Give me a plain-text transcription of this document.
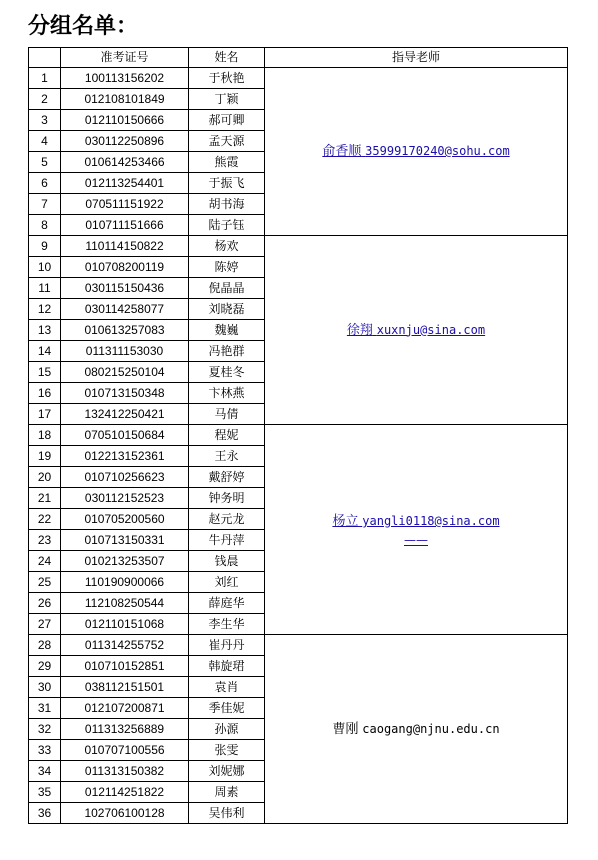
分组名单：
	准考证号	姓名	指导老师
1	100113156202	于秋艳	俞香顺 35999170240@sohu.com
2	012108101849	丁颖	
3	012110150666	郝可卿	
4	030112250896	孟天源	
5	010614253466	熊霞	
6	012113254401	于振飞	
7	070511151922	胡书海	
8	010711151666	陆子钰	
9	110114150822	杨欢	徐翔 xuxnju@sina.com
10	010708200119	陈婷	
11	030115150436	倪晶晶	
12	030114258077	刘晓磊	
13	010613257083	魏巍	
14	011311153030	冯艳群	
15	080215250104	夏桂冬	
16	010713150348	卞林燕	
17	132412250421	马倩	
18	070510150684	程妮	杨立 yangli0118@sina.com
——

19	012213152361	王永	
20	010710256623	戴舒婷	
21	030112152523	钟务明	
22	010705200560	赵元龙	
23	010713150331	牛丹萍	
24	010213253507	钱晨	
25	110190900066	刘红	
26	112108250544	薛庭华	
27	012110151068	李生华	
28	011314255752	崔丹丹	曹刚 caogang@njnu.edu.cn
29	010710152851	韩旋珺	
30	038112151501	袁肖	
31	012107200871	季佳妮	
32	011313256889	孙源	
33	010707100556	张雯	
34	011313150382	刘妮娜	
35	012114251822	周素	
36	102706100128	吴伟利	
